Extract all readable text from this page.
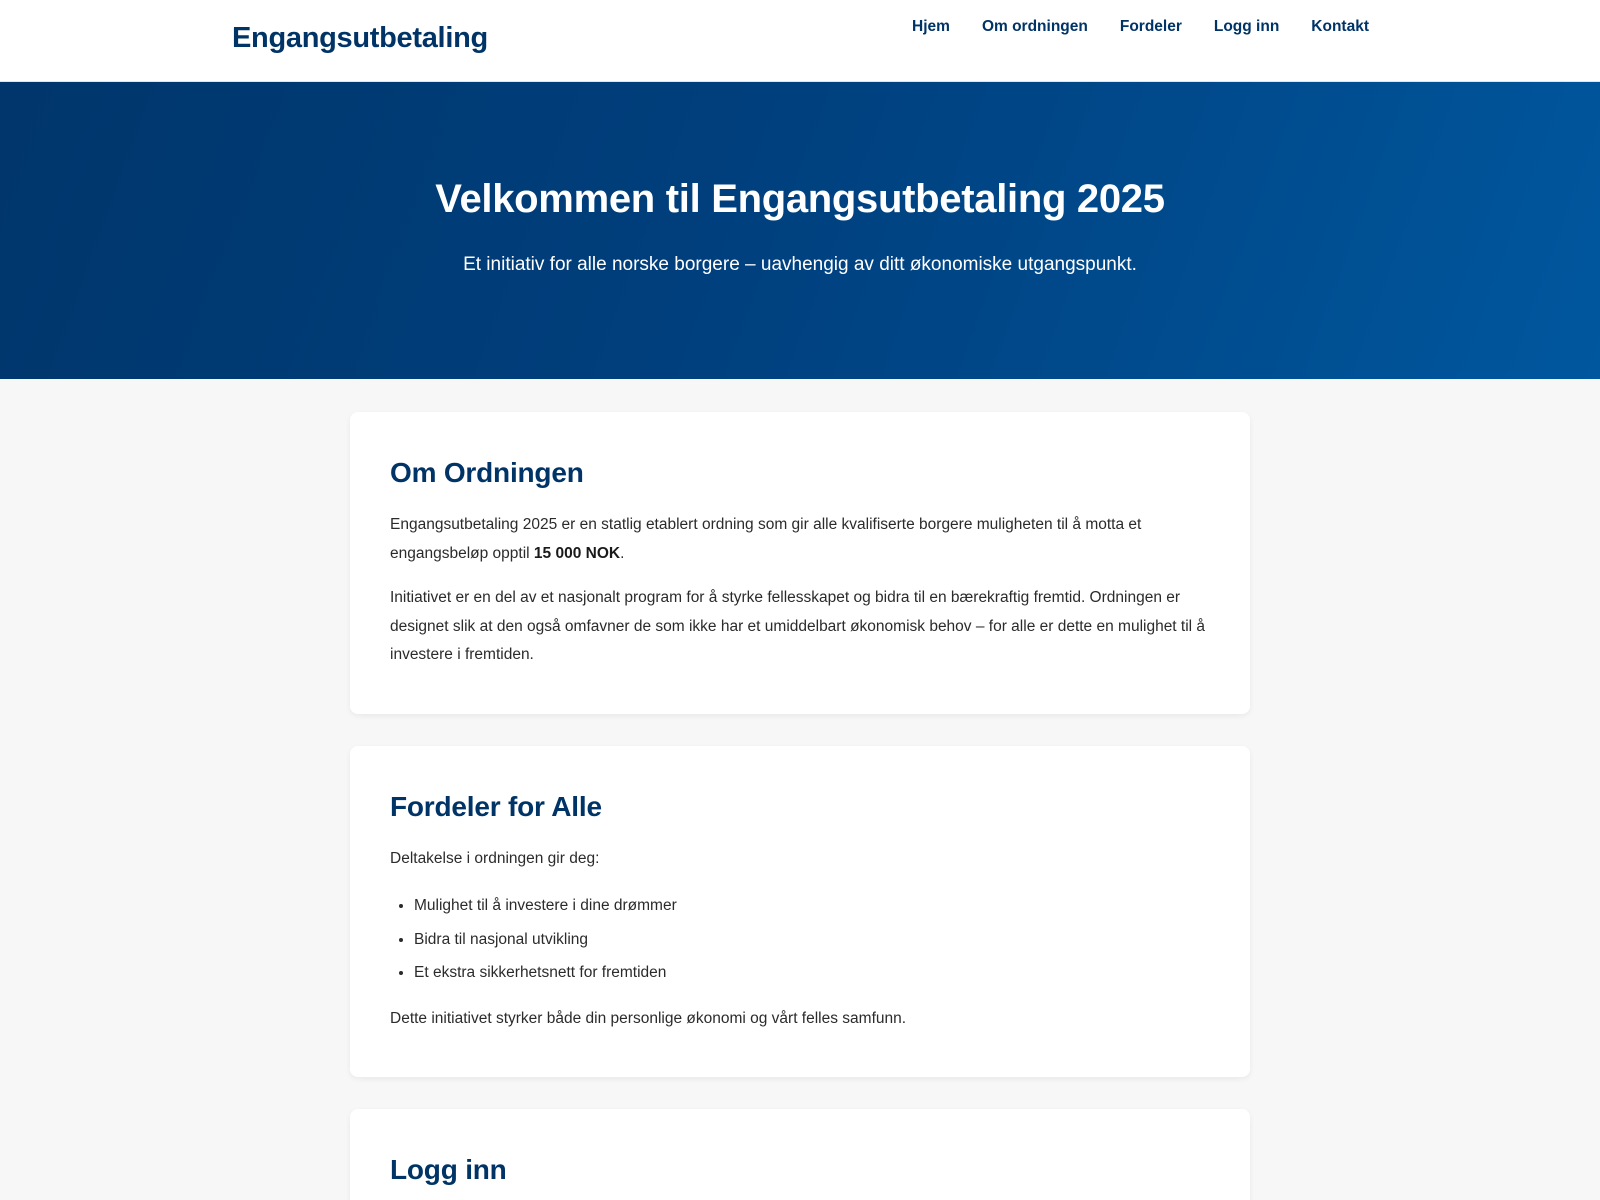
Engangsutbetaling	Hjem Om ordningen Fordeler Logg inn Kontakt
Velkommen til Engangsutbetaling 2025

Et initiativ for alle norske borgere – uavhengig av ditt økonomiske utgangspunkt.

Om Ordningen

Engangsutbetaling 2025 er en statlig etablert ordning som gir alle kvalifiserte borgere muligheten til å motta et engangsbeløp opptil 15 000 NOK.

Initiativet er en del av et nasjonalt program for å styrke fellesskapet og bidra til en bærekraftig fremtid. Ordningen er designet slik at den også omfavner de som ikke har et umiddelbart økonomisk behov – for alle er dette en mulighet til å investere i fremtiden.

Fordeler for Alle

Deltakelse i ordningen gir deg:

• Mulighet til å investere i dine drømmer
• Bidra til nasjonal utvikling
• Et ekstra sikkerhetsnett for fremtiden

Dette initiativet styrker både din personlige økonomi og vårt felles samfunn.

Logg inn
